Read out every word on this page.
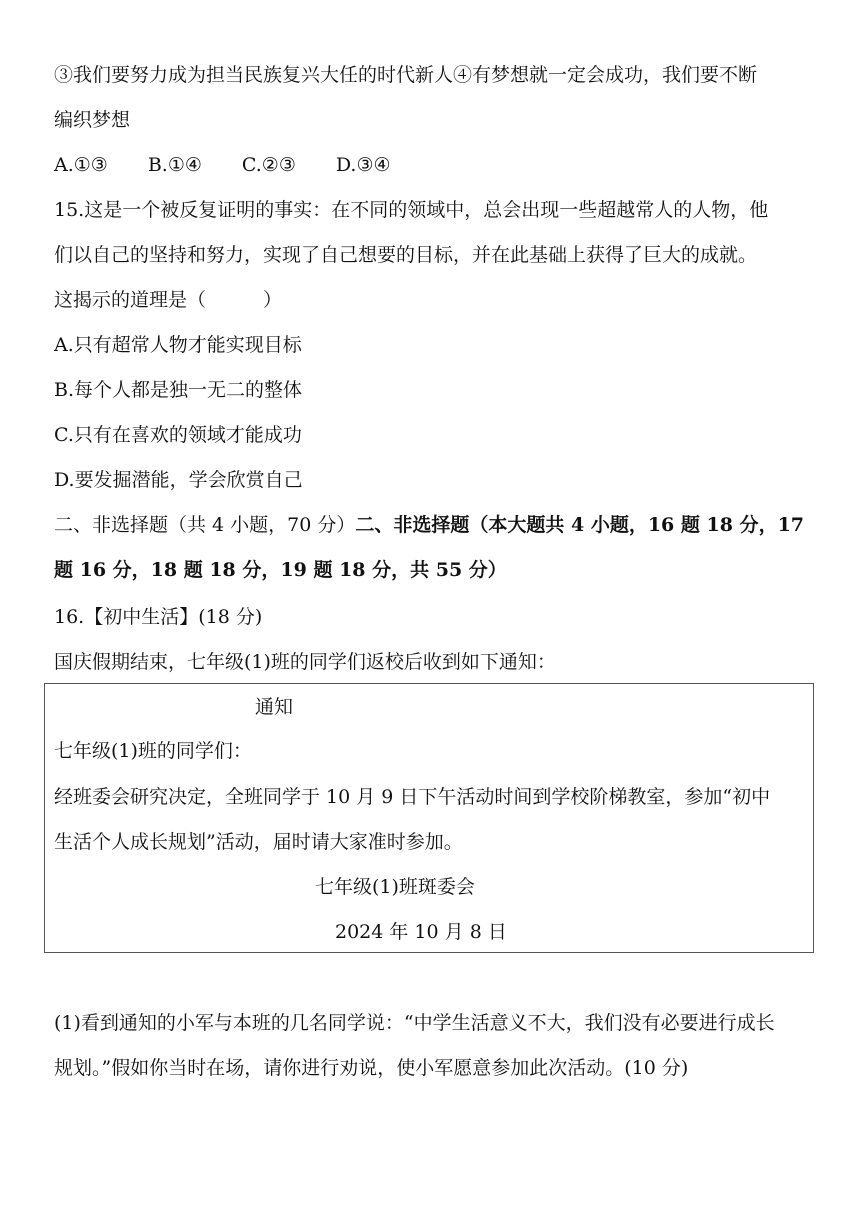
③我们要努力成为担当民族复兴大任的时代新人④有梦想就一定会成功，我们要不断
编织梦想
A.①③ B.①④ C.②③ D.③④
15.这是一个被反复证明的事实：在不同的领域中，总会出现一些超越常人的人物，他
们以自己的坚持和努力，实现了自己想要的目标，并在此基础上获得了巨大的成就。
这揭示的道理是（　　　）
A.只有超常人物才能实现目标
B.每个人都是独一无二的整体
C.只有在喜欢的领域才能成功
D.要发掘潜能，学会欣赏自己
二、非选择题（共 4 小题，70 分）二、非选择题（本大题共 4 小题，16 题 18 分，17
题 16 分，18 题 18 分，19 题 18 分，共 55 分）
16.【初中生活】(18 分)
国庆假期结束，七年级(1)班的同学们返校后收到如下通知：
通知
七年级(1)班的同学们：
经班委会研究决定，全班同学于 10 月 9 日下午活动时间到学校阶梯教室，参加“初中
生活个人成长规划”活动，届时请大家准时参加。
七年级(1)班斑委会
2024 年 10 月 8 日
(1)看到通知的小军与本班的几名同学说：“中学生活意义不大，我们没有必要进行成长
规划。”假如你当时在场，请你进行劝说，使小军愿意参加此次活动。(10 分)
